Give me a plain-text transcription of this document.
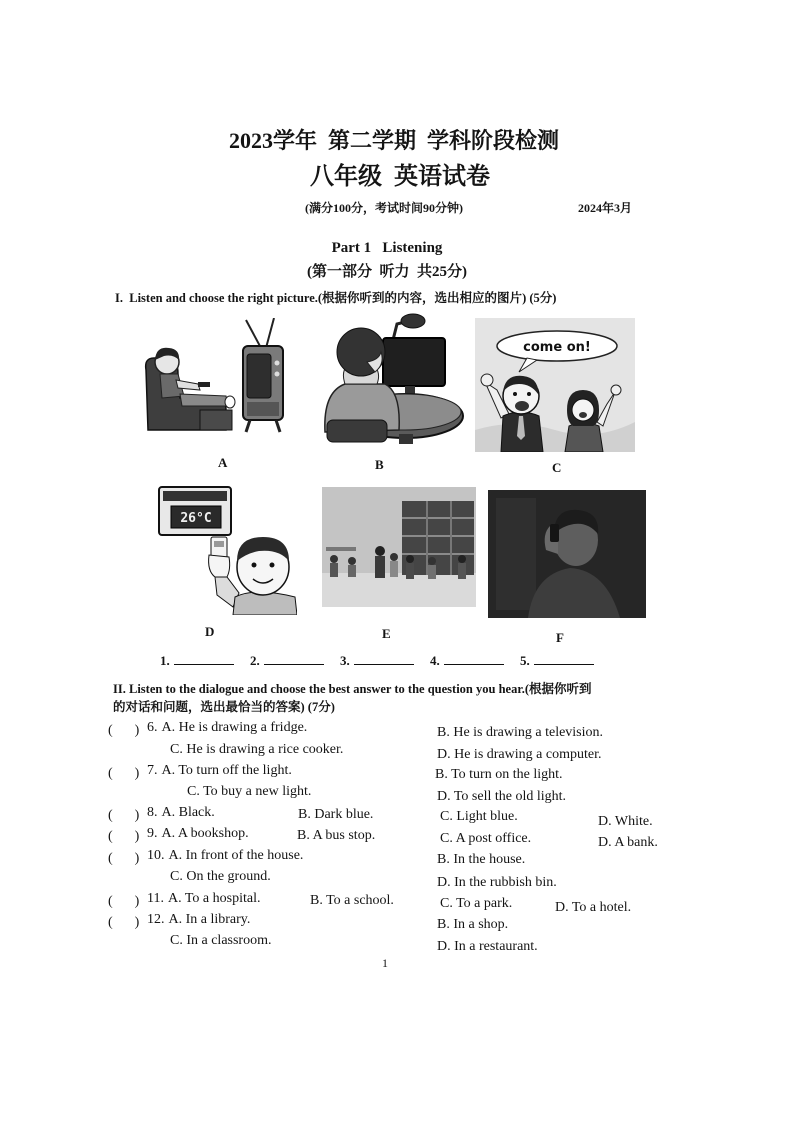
2023学年  第二学期  学科阶段检测
八年级  英语试卷
(满分100分，考试时间90分钟)	2024年3月
Part 1   Listening
(第一部分  听力  共25分)
I.  Listen and choose the right picture.(根据你听到的内容，选出相应的图片) (5分)
come on!
A	B	C
26°C
D	E	F
1.	2.	3.	4.	5.
II. Listen to the dialogue and choose the best answer to the question you hear.(根据你听到
的对话和问题，选出最恰当的答案) (7分)
( ) 6. A. He is drawing a fridge.	B. He is drawing a television.
C. He is drawing a rice cooker.	D. He is drawing a computer.
( ) 7. A. To turn off the light.	B. To turn on the light.
C. To buy a new light.	D. To sell the old light.
( ) 8. A. Black.	B. Dark blue.	C. Light blue.	D. White.
( ) 9. A. A bookshop.	B. A bus stop.	C. A post office.	D. A bank.
( ) 10. A. In front of the house.	B. In the house.
C. On the ground.	D. In the rubbish bin.
( ) 11. A. To a hospital.	B. To a school.	C. To a park.	D. To a hotel.
( ) 12. A. In a library.	B. In a shop.
C. In a classroom.	D. In a restaurant.
1
